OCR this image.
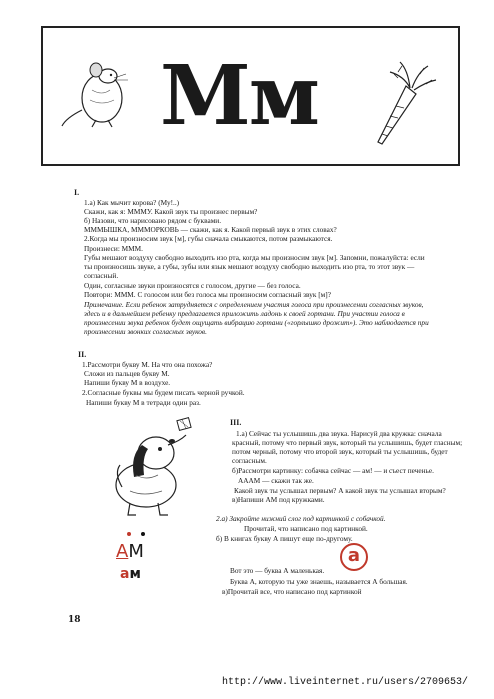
Мм
I.
1.а) Как мычит корова? (Му!..)
Скажи, как я: МММУ. Какой звук ты произнес первым?
б) Назови, что нарисовано рядом с буквами.
МММЫШКА, МММОРКОВЬ — скажи, как я. Какой первый звук в этих словах?
2.Когда мы произносим звук [м], губы сначала смыкаются, потом размыкаются.
Произнеси: МММ.
Губы мешают воздуху свободно выходить изо рта, когда мы произносим звук [м]. Запомни, пожалуйста: если
ты произносишь звуке, а губы, зубы или язык мешают воздуху свободно выходить изо рта, то этот звук —
согласный.
Один, согласные звуки произносятся с голосом, другие — без голоса.
Повтори: МММ. С голосом или без голоса мы произносим согласный звук [м]?
Примечание. Если ребенок затрудняется с определением участия голоса при произнесении согласных звуков,
здесь и в дальнейшем ребенку предлагается приложить ладонь к своей гортани. При участии голоса в
произнесении звука ребенок будет ощущать вибрацию гортани («горлышко дрожит»). Это наблюдается при
произнесении звонких согласных звуков.
II.
1.Рассмотри букву М. На что она похожа?
Сложи из пальцев букву М.
Напиши букву М в воздухе.
2.Согласные буквы мы будем писать черной ручкой.
Напиши букву М в тетради один раз.
АМ
ам
III.
1.а) Сейчас ты услышишь два звука. Нарисуй два кружка: сначала
красный, потому что первый звук, который ты услышишь, будет гласным;
потом черный, потому что второй звук, который ты услышишь, будет
согласным.
б)Рассмотри картинку: собачка сейчас — ам! — и съест печенье.
АААМ — скажи так же.
Какой звук ты услышал первым? А какой звук ты услышал вторым?
в)Напиши АМ под кружками.
2.а) Закройте нижний слог под картинкой с собачкой.
Прочитай, что написано под картинкой.
б) В книгах букву А пишут еще по-другому.
а
Вот это — буква А маленькая.
Буква А, которую ты уже знаешь, называется А большая.
в)Прочитай все, что написано под картинкой
18
http://www.liveinternet.ru/users/2709653/
